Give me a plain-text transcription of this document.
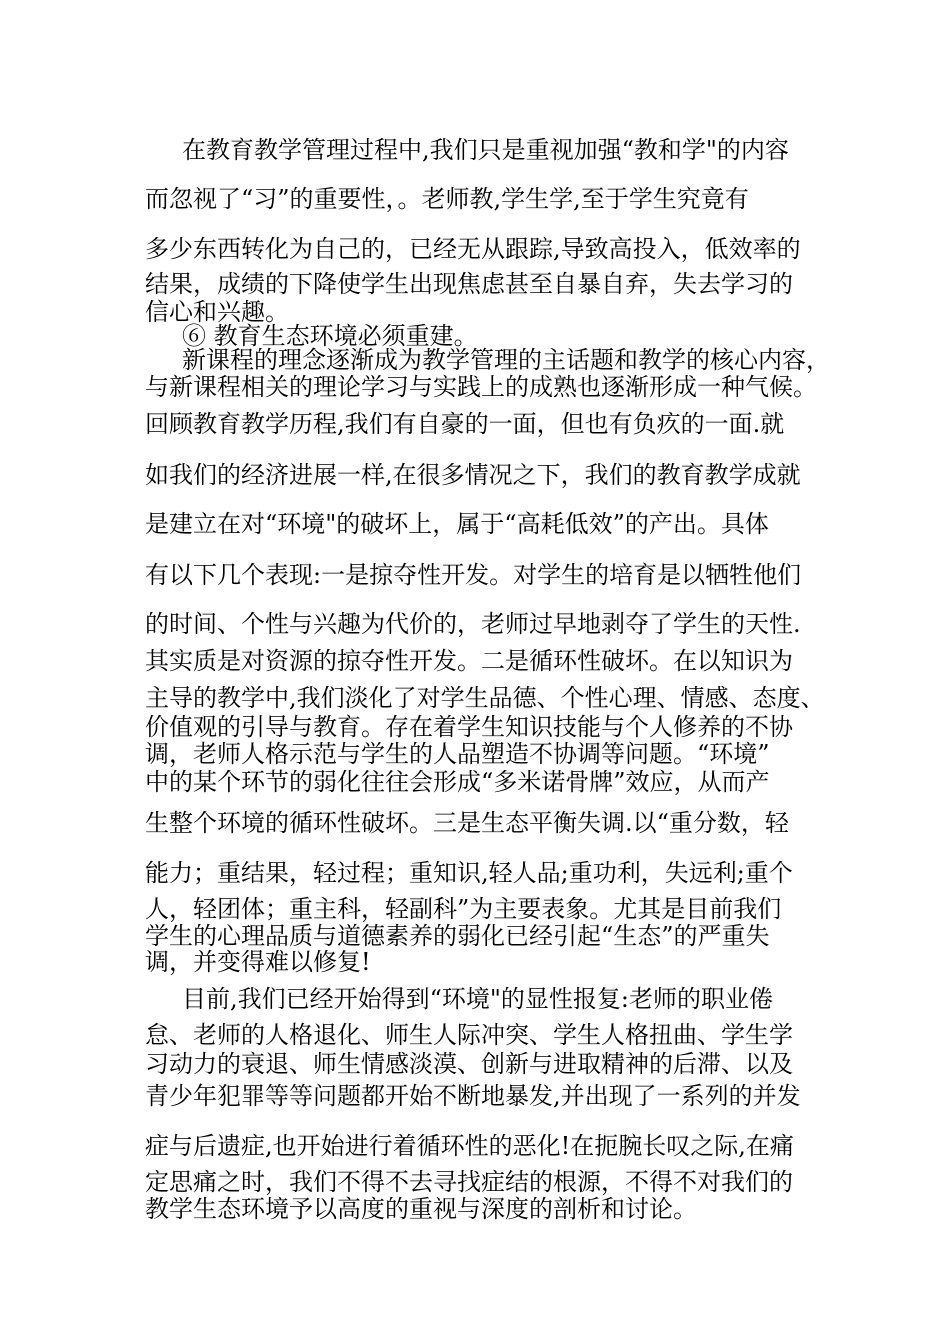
在教育教学管理过程中,我们只是重视加强“教和学"的内容

而忽视了“习”的重要性，。老师教,学生学,至于学生究竟有

多少东西转化为自己的，已经无从跟踪,导致高投入，低效率的

结果，成绩的下降使学生出现焦虑甚至自暴自弃，失去学习的

信心和兴趣。

⑥ 教育生态环境必须重建。

新课程的理念逐渐成为教学管理的主话题和教学的核心内容，

与新课程相关的理论学习与实践上的成熟也逐渐形成一种气候。

回顾教育教学历程,我们有自豪的一面，但也有负疚的一面.就

如我们的经济进展一样,在很多情况之下，我们的教育教学成就

是建立在对“环境"的破坏上，属于“高耗低效”的产出。具体

有以下几个表现:一是掠夺性开发。对学生的培育是以牺牲他们

的时间、个性与兴趣为代价的，老师过早地剥夺了学生的天性.

其实质是对资源的掠夺性开发。二是循环性破坏。在以知识为

主导的教学中,我们淡化了对学生品德、个性心理、情感、态度、

价值观的引导与教育。存在着学生知识技能与个人修养的不协

调，老师人格示范与学生的人品塑造不协调等问题。“环境”

中的某个环节的弱化往往会形成“多米诺骨牌”效应，从而产

生整个环境的循环性破坏。三是生态平衡失调.以“重分数，轻

能力；重结果，轻过程；重知识,轻人品;重功利，失远利;重个

人，轻团体；重主科，轻副科”为主要表象。尤其是目前我们

学生的心理品质与道德素养的弱化已经引起“生态”的严重失

调，并变得难以修复!

目前,我们已经开始得到“环境"的显性报复:老师的职业倦

怠、老师的人格退化、师生人际冲突、学生人格扭曲、学生学

习动力的衰退、师生情感淡漠、创新与进取精神的后滞、以及

青少年犯罪等等问题都开始不断地暴发,并出现了一系列的并发

症与后遗症,也开始进行着循环性的恶化!在扼腕长叹之际,在痛

定思痛之时，我们不得不去寻找症结的根源，不得不对我们的

教学生态环境予以高度的重视与深度的剖析和讨论。
